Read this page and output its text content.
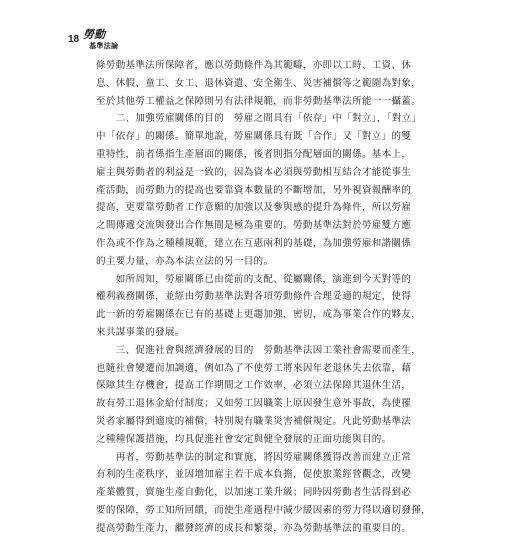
18 勞動
基準法論
條勞動基準法所保障者，應以勞動條件為其範疇，亦即以工時、工資、休
息、休假、童工、女工、退休資遣、安全衛生、災害補償等之範圍為對象，
至於其他勞工權益之保障則另有法律規範，而非勞動基準法所能一一攝蓋。
　　二、加強勞雇關係的目的　勞雇之間具有「依存」中「對立」，「對立」
中「依存」的關係。簡單地說，勞雇關係具有既「合作」又「對立」的雙
重特性，前者係指生產層面的關係，後者則指分配層面的關係。基本上，
雇主與勞動者的利益是一致的，因為資本必須與勞動相互結合才能從事生
產活動，而勞動力的提高也要靠資本數量的不斷增加，另外視資報酬率的
提高，更要靠勞動者工作意願的加強以及參與感的提升為條件，所以勞雇
之間傳遞交流與發出合作無間是極為重要的。勞動基準法對於勞雇雙方應
作為或不作為之種種規範，建立在互惠兩利的基礎，為加強勞雇和諧關係
的主要力量，亦為本法立法的另一目的。
　　如所周知，勞雇關係已由從前的支配、從屬關係，演進到今天對等的
權利義務關係，並經由勞動基準法對各項勞動條件合理妥適的規定，使得
此一新的勞雇關係在已有的基礎上更趨加強，密切，成為事業合作的夥友，
來共謀事業的發展。
　　三、促進社會與經濟發展的目的　勞動基準法因工業社會需要而產生，
也隨社會變遷而加調適，例如為了不使勞工將來因年老退休失去依靠，藉
保障其生存機會，提高工作期間之工作效率，必須立法保障其退休生活，
故有勞工退休金給付制度；又如勞工因職業上原因發生意外事故，為使罹
災者家屬得到適度的補償，特別規有職業災害補償規定。凡此勞動基準法
之種種保護措施，均具促進社會安定與健全發展的正面功能與目的。
　　再者，勞動基準法的制定和實施，將因勞雇關係獲得改善而建立正常
有利的生產秩序，並因增加雇主若干成本負擔，促使旅業經營觀念，改變
產業體質，實施生產自動化，以加速工業升級；同時因勞動者生活得到必
要的保障，勞工知所回饋，而使生產過程中減少緩因素的勞力得以適切發揮，
提高勞動生產力，繼發經濟的成長和繁榮，亦為勞動基準法的重要目的。
